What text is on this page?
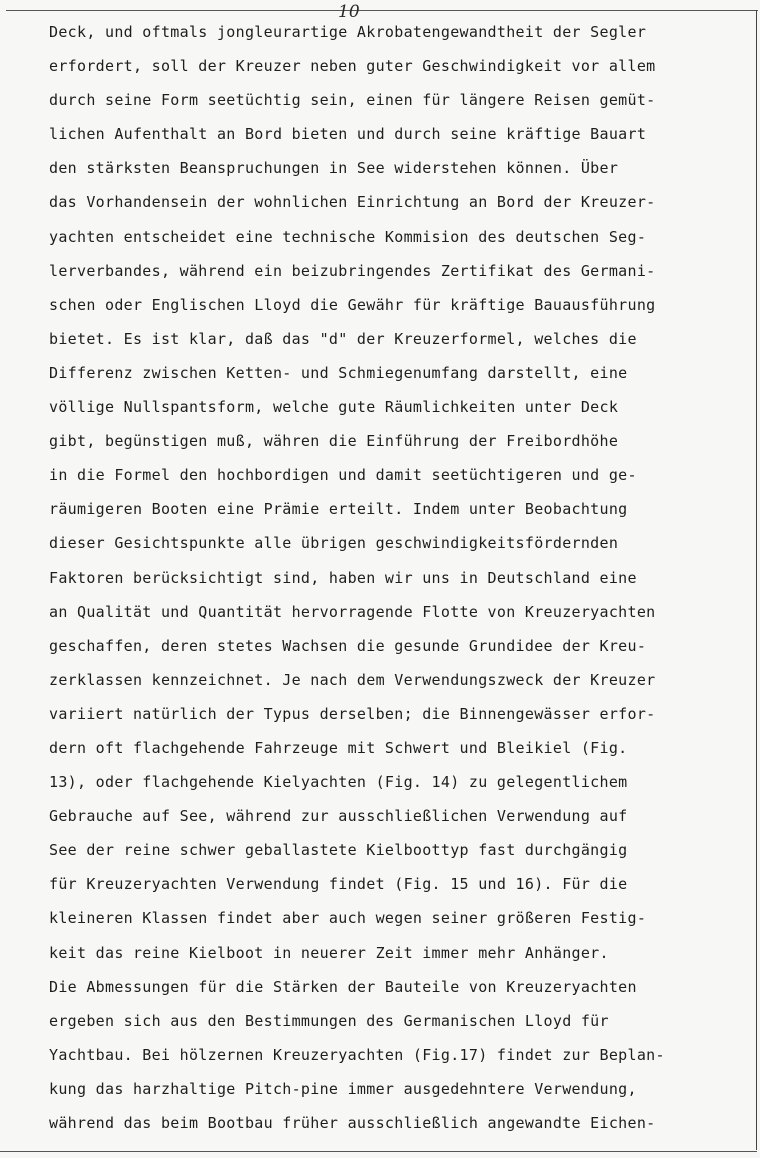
10
Deck, und oftmals jongleurartige Akrobatengewandtheit der Segler
erfordert, soll der Kreuzer neben guter Geschwindigkeit vor allem
durch seine Form seetüchtig sein, einen für längere Reisen gemüt-
lichen Aufenthalt an Bord bieten und durch seine kräftige Bauart
den stärksten Beanspruchungen in See widerstehen können. Über
das Vorhandensein der wohnlichen Einrichtung an Bord der Kreuzer-
yachten entscheidet eine technische Kommision des deutschen Seg-
lerverbandes, während ein beizubringendes Zertifikat des Germani-
schen oder Englischen Lloyd die Gewähr für kräftige Bauausführung
bietet. Es ist klar, daß das "d" der Kreuzerformel, welches die
Differenz zwischen Ketten- und Schmiegenumfang darstellt, eine
völlige Nullspantsform, welche gute Räumlichkeiten unter Deck
gibt, begünstigen muß, währen die Einführung der Freibordhöhe
in die Formel den hochbordigen und damit seetüchtigeren und ge-
räumigeren Booten eine Prämie erteilt. Indem unter Beobachtung
dieser Gesichtspunkte alle übrigen geschwindigkeitsfördernden
Faktoren berücksichtigt sind, haben wir uns in Deutschland eine
an Qualität und Quantität hervorragende Flotte von Kreuzeryachten
geschaffen, deren stetes Wachsen die gesunde Grundidee der Kreu-
zerklassen kennzeichnet. Je nach dem Verwendungszweck der Kreuzer
variiert natürlich der Typus derselben; die Binnengewässer erfor-
dern oft flachgehende Fahrzeuge mit Schwert und Bleikiel (Fig.
13), oder flachgehende Kielyachten (Fig. 14) zu gelegentlichem
Gebrauche auf See, während zur ausschließlichen Verwendung auf
See der reine schwer geballastete Kielboottyp fast durchgängig
für Kreuzeryachten Verwendung findet (Fig. 15 und 16). Für die
kleineren Klassen findet aber auch wegen seiner größeren Festig-
keit das reine Kielboot in neuerer Zeit immer mehr Anhänger.
Die Abmessungen für die Stärken der Bauteile von Kreuzeryachten
ergeben sich aus den Bestimmungen des Germanischen Lloyd für
Yachtbau. Bei hölzernen Kreuzeryachten (Fig.17) findet zur Beplan-
kung das harzhaltige Pitch-pine immer ausgedehntere Verwendung,
während das beim Bootbau früher ausschließlich angewandte Eichen-
